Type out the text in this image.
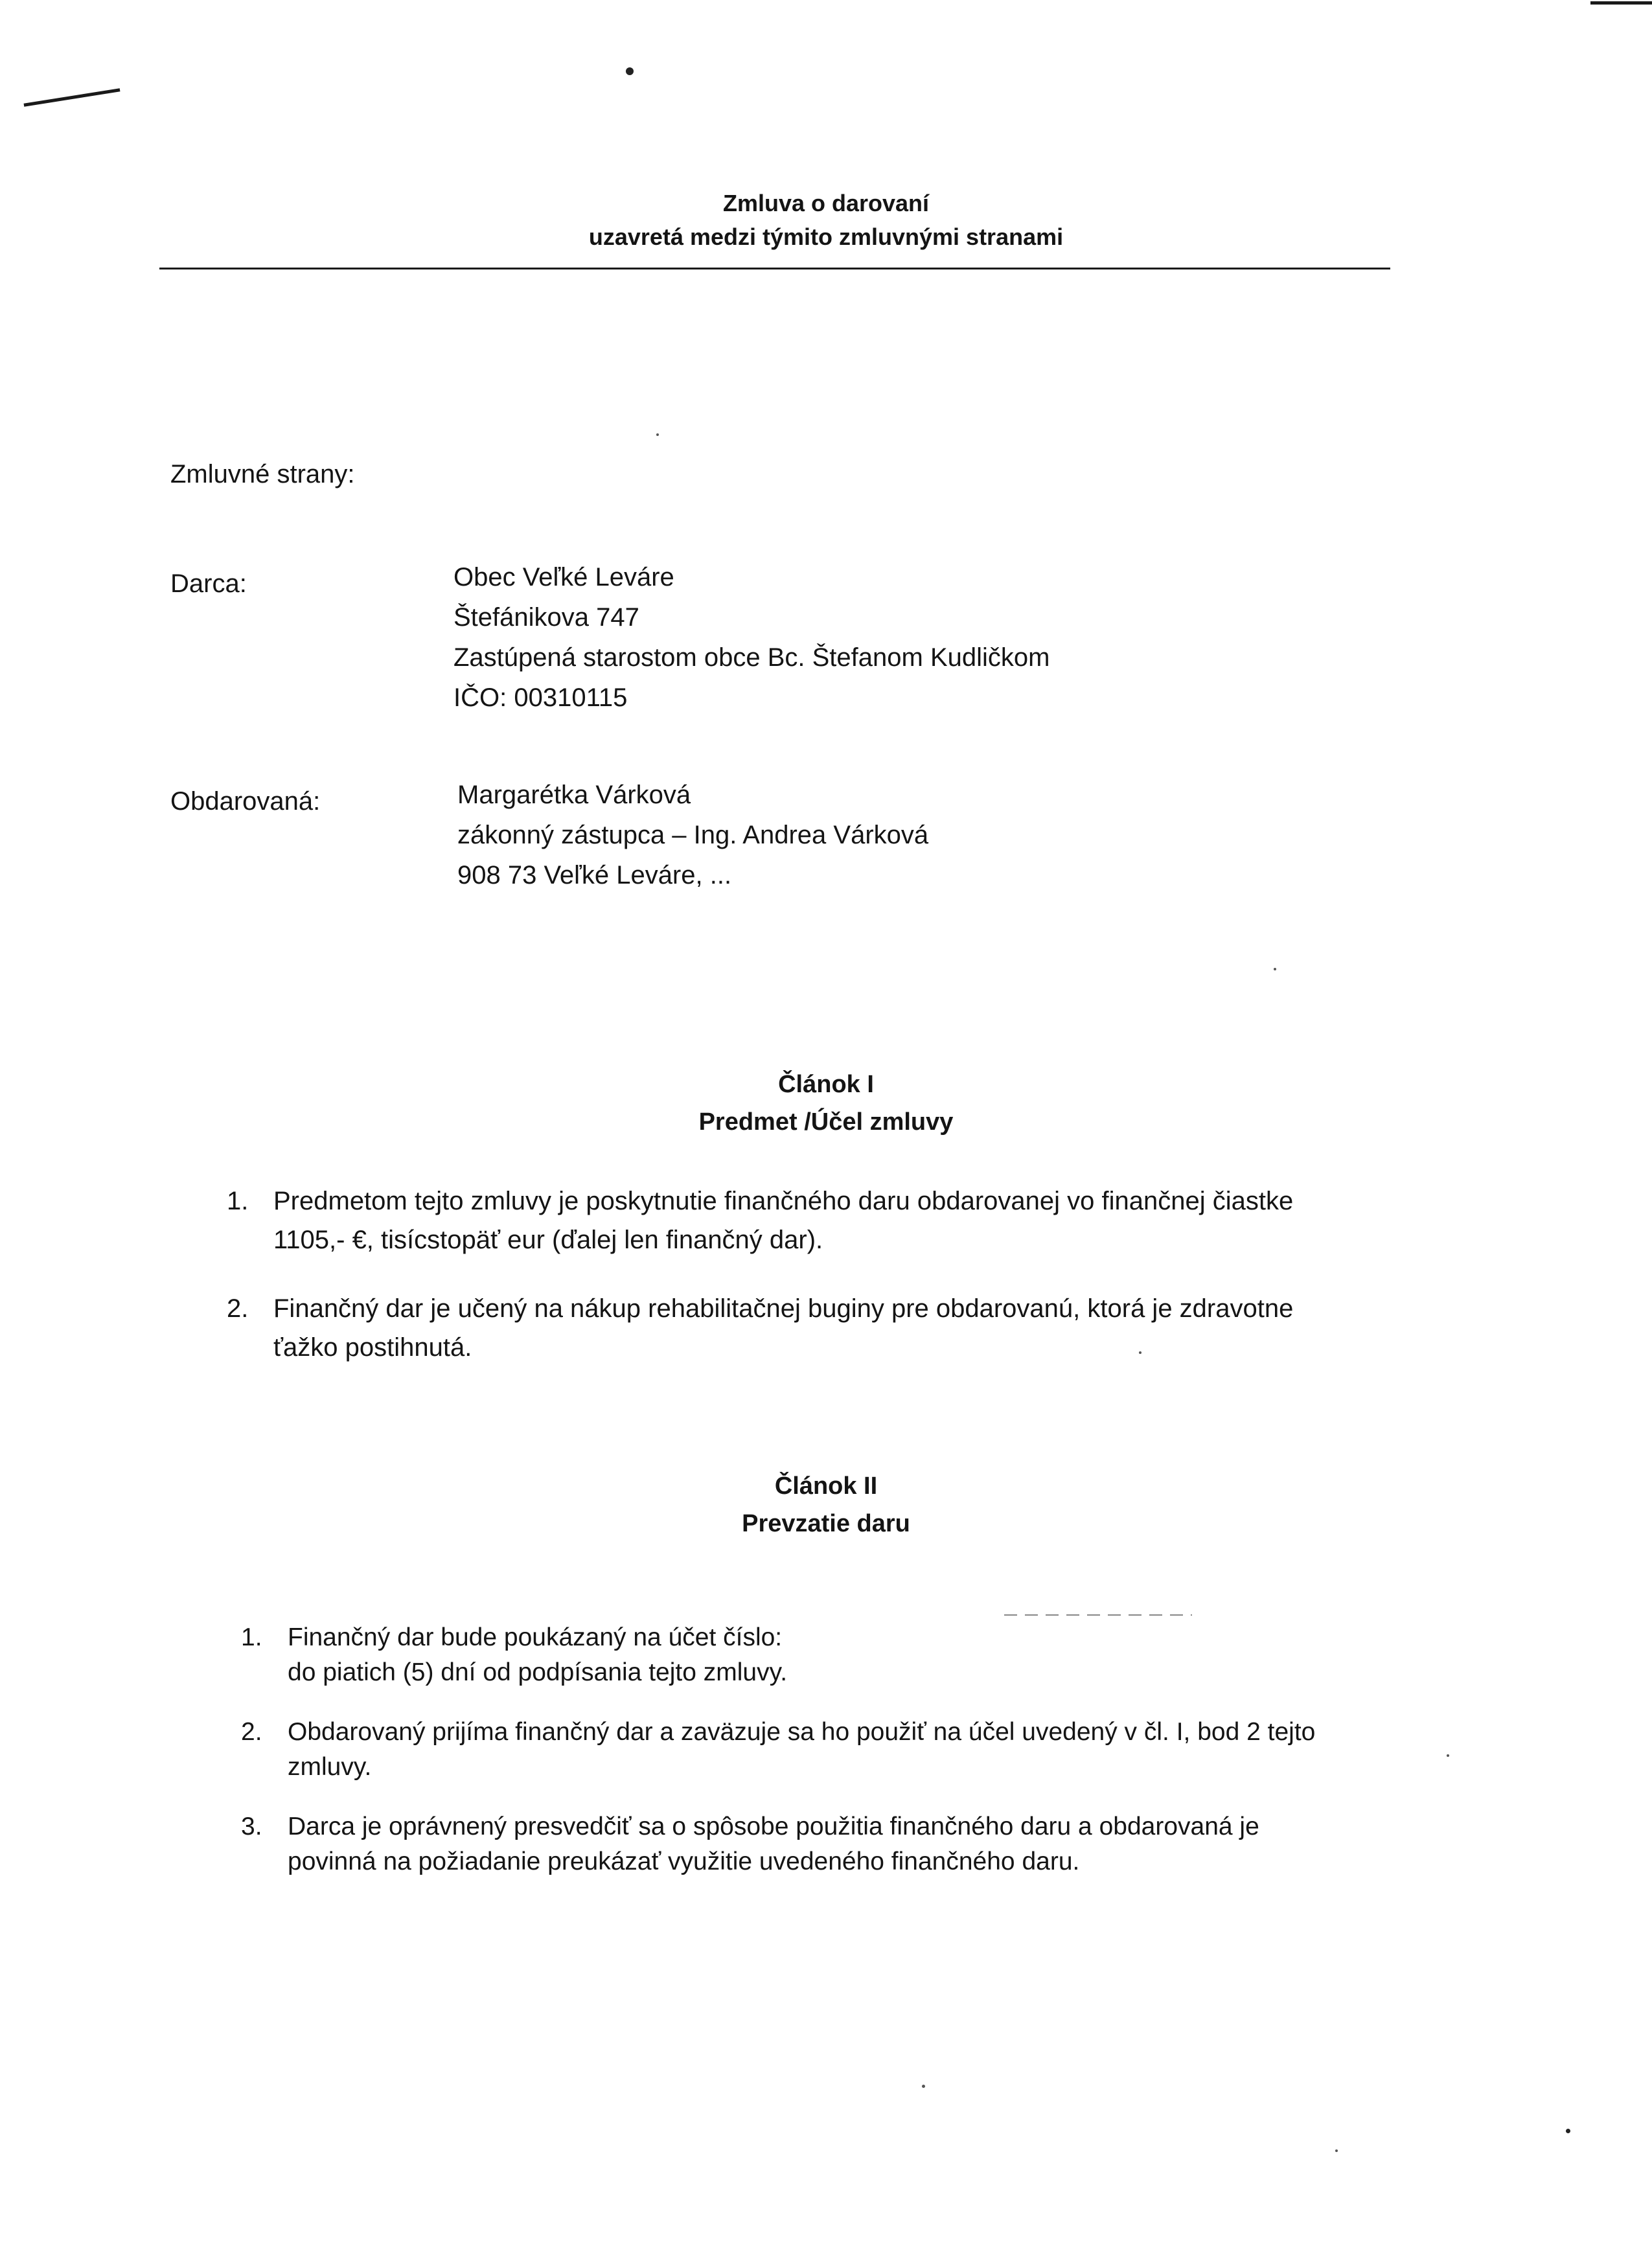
Zmluva o darovaní
uzavretá medzi týmito zmluvnými stranami
Zmluvné strany:
Darca:	Obec Veľké Leváre
Štefánikova 747
Zastúpená starostom obce Bc. Štefanom Kudličkom
IČO: 00310115
Obdarovaná:	Margarétka Várková
zákonný zástupca – Ing. Andrea Várková
908 73 Veľké Leváre, ...
Článok I
Predmet /Účel zmluvy
1. Predmetom tejto zmluvy je poskytnutie finančného daru obdarovanej vo finančnej čiastke
1105,- €, tisícstopäť eur (ďalej len finančný dar).
2. Finančný dar je učený na nákup rehabilitačnej buginy pre obdarovanú, ktorá je zdravotne
ťažko postihnutá.
Článok II
Prevzatie daru
1. Finančný dar bude poukázaný na účet číslo:
do piatich (5) dní od podpísania tejto zmluvy.
2. Obdarovaný prijíma finančný dar a zaväzuje sa ho použiť na účel uvedený v čl. I, bod 2 tejto
zmluvy.
3. Darca je oprávnený presvedčiť sa o spôsobe použitia finančného daru a obdarovaná je
povinná na požiadanie preukázať využitie uvedeného finančného daru.
